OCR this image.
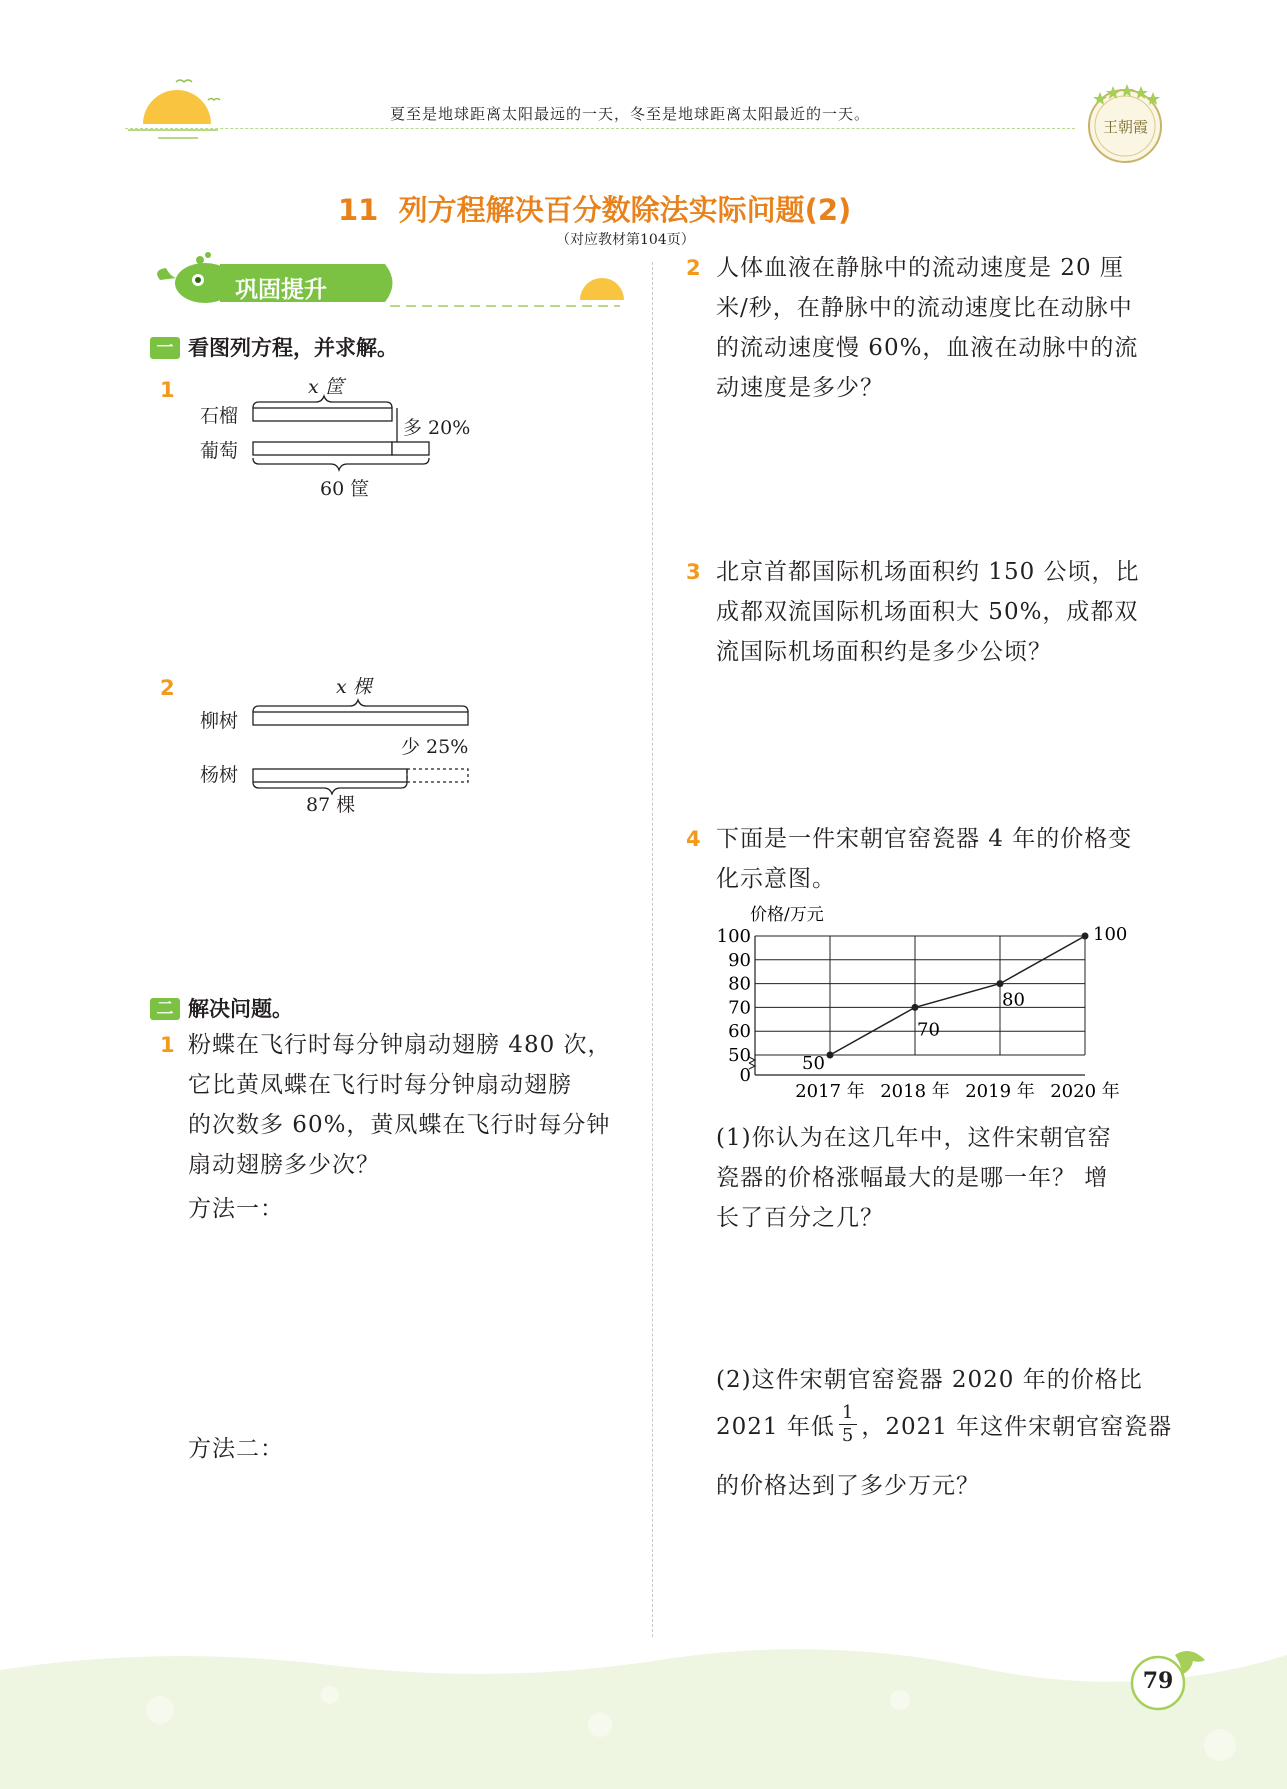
夏至是地球距离太阳最远的一天，冬至是地球距离太阳最近的一天。
王朝霞
11 列方程解决百分数除法实际问题(2)
（对应教材第104页）
巩固提升
一 看图列方程，并求解。
1	x 筐
石榴
葡萄
多 20%
60 筐
2	x 棵
柳树
少 25%
杨树
87 棵
二 解决问题。
1 粉蝶在飞行时每分钟扇动翅膀 480 次，
它比黄凤蝶在飞行时每分钟扇动翅膀
的次数多 60%，黄凤蝶在飞行时每分钟
扇动翅膀多少次？
方法一：
方法二：
2 人体血液在静脉中的流动速度是 20 厘
米/秒，在静脉中的流动速度比在动脉中
的流动速度慢 60%，血液在动脉中的流
动速度是多少？
3 北京首都国际机场面积约 150 公顷，比
成都双流国际机场面积大 50%，成都双
流国际机场面积约是多少公顷？
4 下面是一件宋朝官窑瓷器 4 年的价格变
化示意图。
价格/万元
0
50
60
70
80
90
100
2017 年 2018 年 2019 年 2020 年
50
70
80
100
(1)你认为在这几年中，这件宋朝官窑
瓷器的价格涨幅最大的是哪一年？ 增
长了百分之几？
(2)这件宋朝官窑瓷器 2020 年的价格比
2021 年低 $\frac{1}{5}$ ，2021 年这件宋朝官窑瓷器
的价格达到了多少万元？
79
